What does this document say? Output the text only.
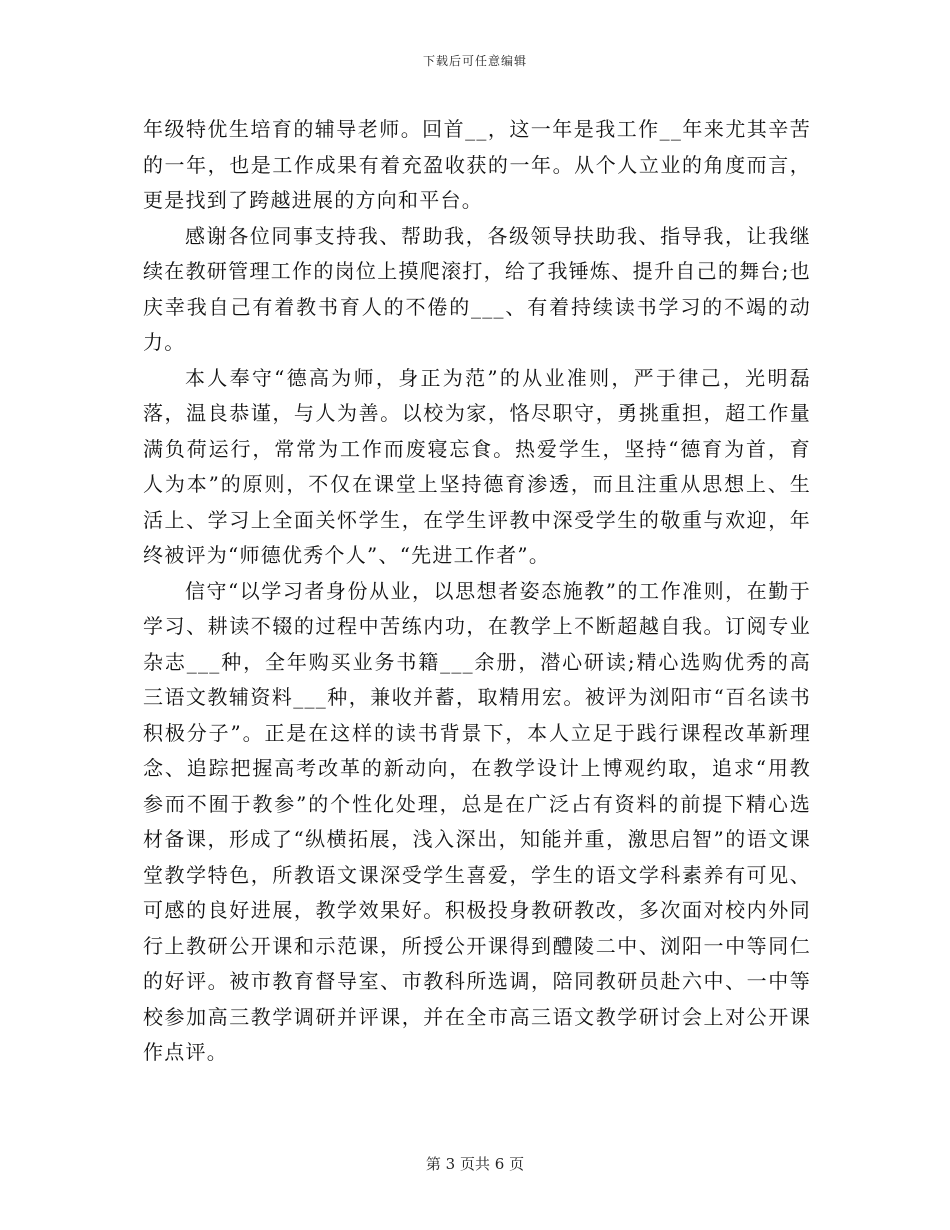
下载后可任意编辑

年级特优生培育的辅导老师。回首__，这一年是我工作__年来尤其辛苦的一年，也是工作成果有着充盈收获的一年。从个人立业的角度而言，更是找到了跨越进展的方向和平台。

感谢各位同事支持我、帮助我，各级领导扶助我、指导我，让我继续在教研管理工作的岗位上摸爬滚打，给了我锤炼、提升自己的舞台;也庆幸我自己有着教书育人的不倦的___、有着持续读书学习的不竭的动力。

本人奉守“德高为师，身正为范”的从业准则，严于律己，光明磊落，温良恭谨，与人为善。以校为家，恪尽职守，勇挑重担，超工作量满负荷运行，常常为工作而废寝忘食。热爱学生，坚持“德育为首，育人为本”的原则，不仅在课堂上坚持德育渗透，而且注重从思想上、生活上、学习上全面关怀学生，在学生评教中深受学生的敬重与欢迎，年终被评为“师德优秀个人”、“先进工作者”。

信守“以学习者身份从业，以思想者姿态施教”的工作准则，在勤于学习、耕读不辍的过程中苦练内功，在教学上不断超越自我。订阅专业杂志___种，全年购买业务书籍___余册，潜心研读;精心选购优秀的高三语文教辅资料___种，兼收并蓄，取精用宏。被评为浏阳市“百名读书积极分子”。正是在这样的读书背景下，本人立足于践行课程改革新理念、追踪把握高考改革的新动向，在教学设计上博观约取，追求“用教参而不囿于教参”的个性化处理，总是在广泛占有资料的前提下精心选材备课，形成了“纵横拓展，浅入深出，知能并重，激思启智”的语文课堂教学特色，所教语文课深受学生喜爱，学生的语文学科素养有可见、可感的良好进展，教学效果好。积极投身教研教改，多次面对校内外同行上教研公开课和示范课，所授公开课得到醴陵二中、浏阳一中等同仁的好评。被市教育督导室、市教科所选调，陪同教研员赴六中、一中等校参加高三教学调研并评课，并在全市高三语文教学研讨会上对公开课作点评。

第 3 页共 6 页
